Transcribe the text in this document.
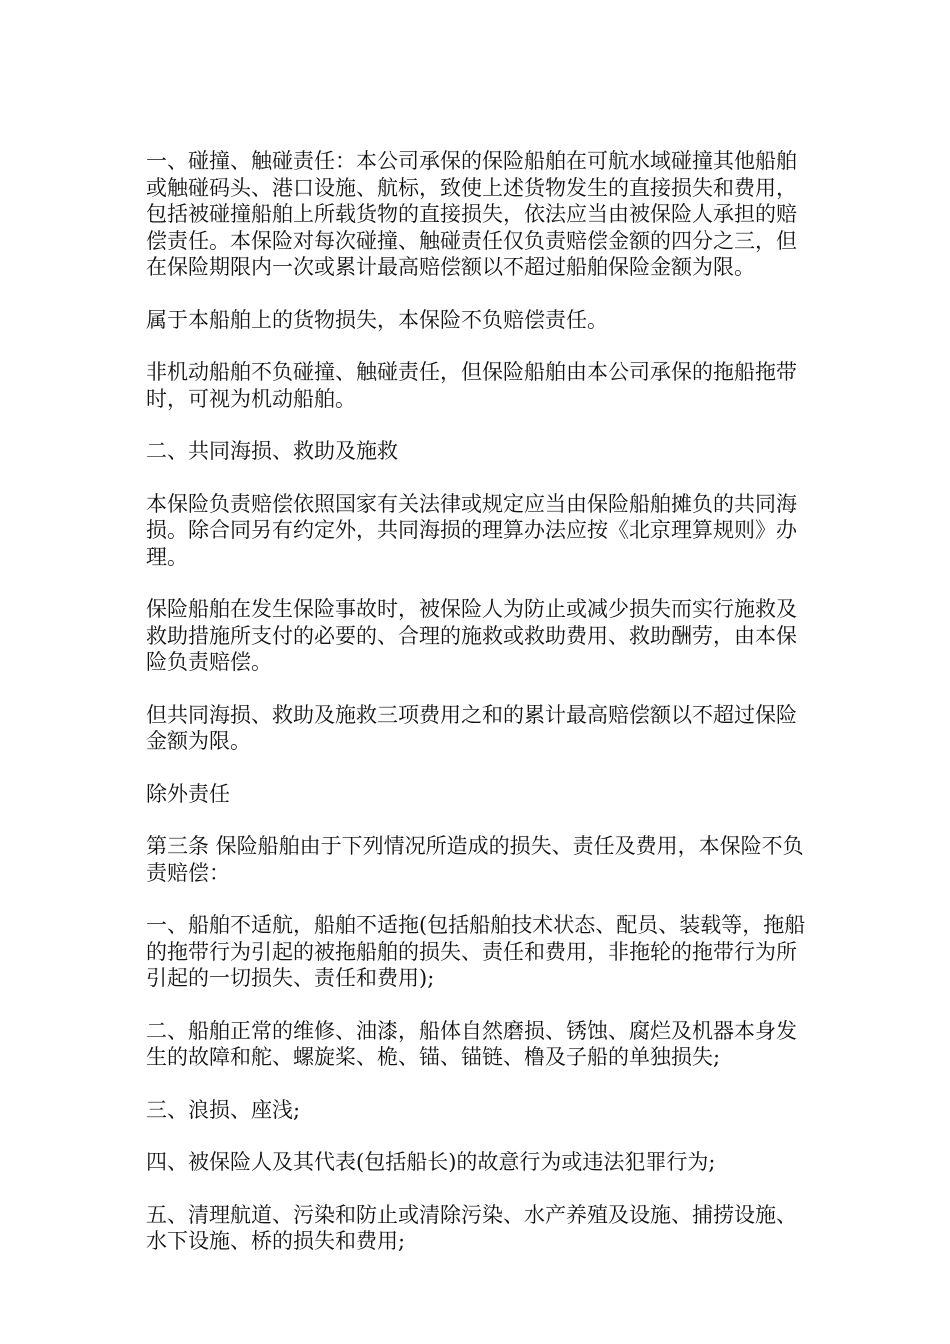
一、碰撞、触碰责任：本公司承保的保险船舶在可航水域碰撞其他船舶或触碰码头、港口设施、航标，致使上述货物发生的直接损失和费用，包括被碰撞船舶上所载货物的直接损失，依法应当由被保险人承担的赔偿责任。本保险对每次碰撞、触碰责任仅负责赔偿金额的四分之三，但在保险期限内一次或累计最高赔偿额以不超过船舶保险金额为限。

属于本船舶上的货物损失，本保险不负赔偿责任。

非机动船舶不负碰撞、触碰责任，但保险船舶由本公司承保的拖船拖带时，可视为机动船舶。

二、共同海损、救助及施救

本保险负责赔偿依照国家有关法律或规定应当由保险船舶摊负的共同海损。除合同另有约定外，共同海损的理算办法应按《北京理算规则》办理。

保险船舶在发生保险事故时，被保险人为防止或减少损失而实行施救及救助措施所支付的必要的、合理的施救或救助费用、救助酬劳，由本保险负责赔偿。

但共同海损、救助及施救三项费用之和的累计最高赔偿额以不超过保险金额为限。

除外责任

第三条 保险船舶由于下列情况所造成的损失、责任及费用，本保险不负责赔偿：

一、船舶不适航，船舶不适拖(包括船舶技术状态、配员、装载等，拖船的拖带行为引起的被拖船舶的损失、责任和费用，非拖轮的拖带行为所引起的一切损失、责任和费用);

二、船舶正常的维修、油漆，船体自然磨损、锈蚀、腐烂及机器本身发生的故障和舵、螺旋桨、桅、锚、锚链、橹及子船的单独损失;

三、浪损、座浅;

四、被保险人及其代表(包括船长)的故意行为或违法犯罪行为;

五、清理航道、污染和防止或清除污染、水产养殖及设施、捕捞设施、水下设施、桥的损失和费用;
